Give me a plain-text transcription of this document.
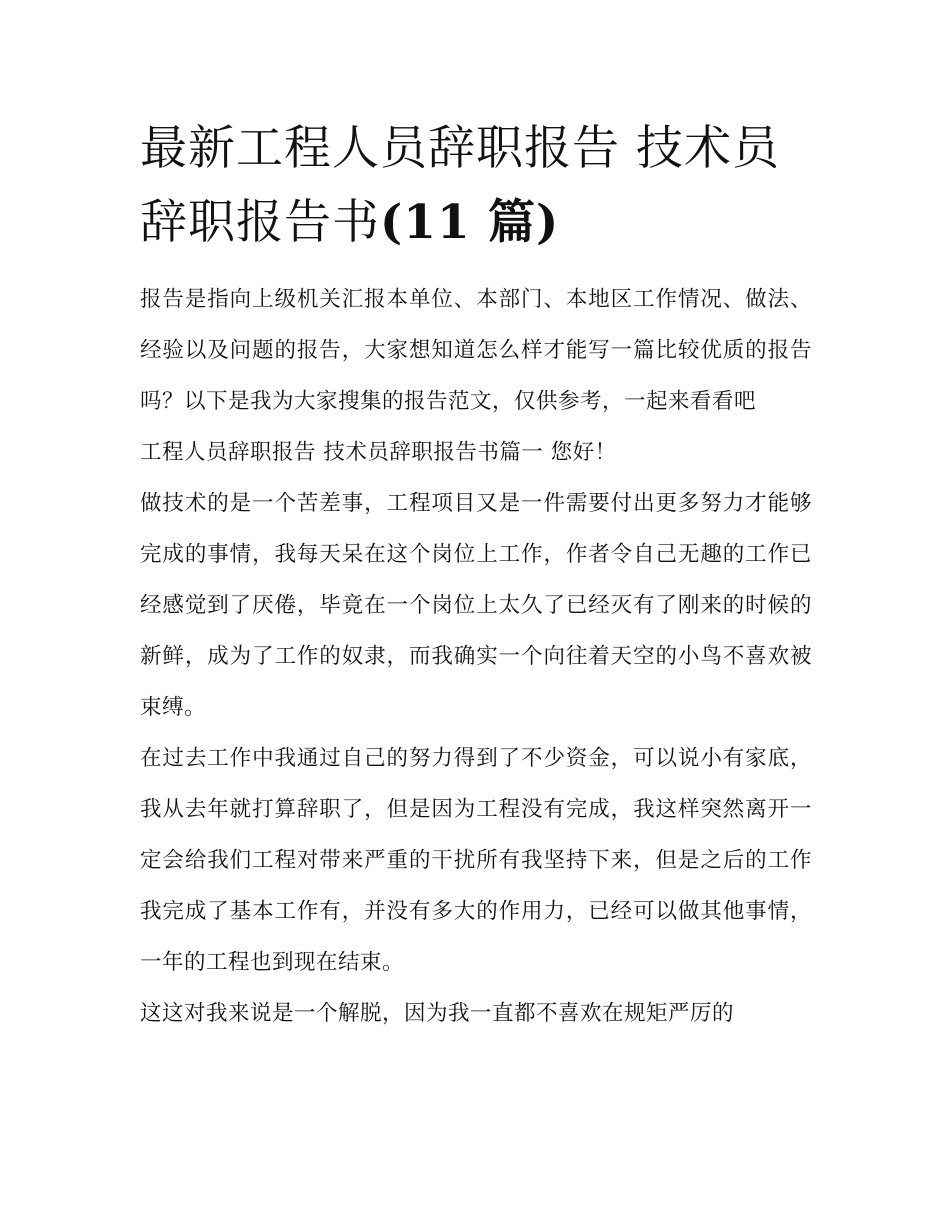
最新工程人员辞职报告 技术员辞职报告书(11 篇)

报告是指向上级机关汇报本单位、本部门、本地区工作情况、做法、经验以及问题的报告，大家想知道怎么样才能写一篇比较优质的报告吗？以下是我为大家搜集的报告范文，仅供参考，一起来看看吧

工程人员辞职报告 技术员辞职报告书篇一 您好！

做技术的是一个苦差事，工程项目又是一件需要付出更多努力才能够完成的事情，我每天呆在这个岗位上工作，作者令自己无趣的工作已经感觉到了厌倦，毕竟在一个岗位上太久了已经灭有了刚来的时候的新鲜，成为了工作的奴隶，而我确实一个向往着天空的小鸟不喜欢被束缚。

在过去工作中我通过自己的努力得到了不少资金，可以说小有家底，我从去年就打算辞职了，但是因为工程没有完成，我这样突然离开一定会给我们工程对带来严重的干扰所有我坚持下来，但是之后的工作我完成了基本工作有，并没有多大的作用力，已经可以做其他事情，一年的工程也到现在结束。

这这对我来说是一个解脱，因为我一直都不喜欢在规矩严厉的
